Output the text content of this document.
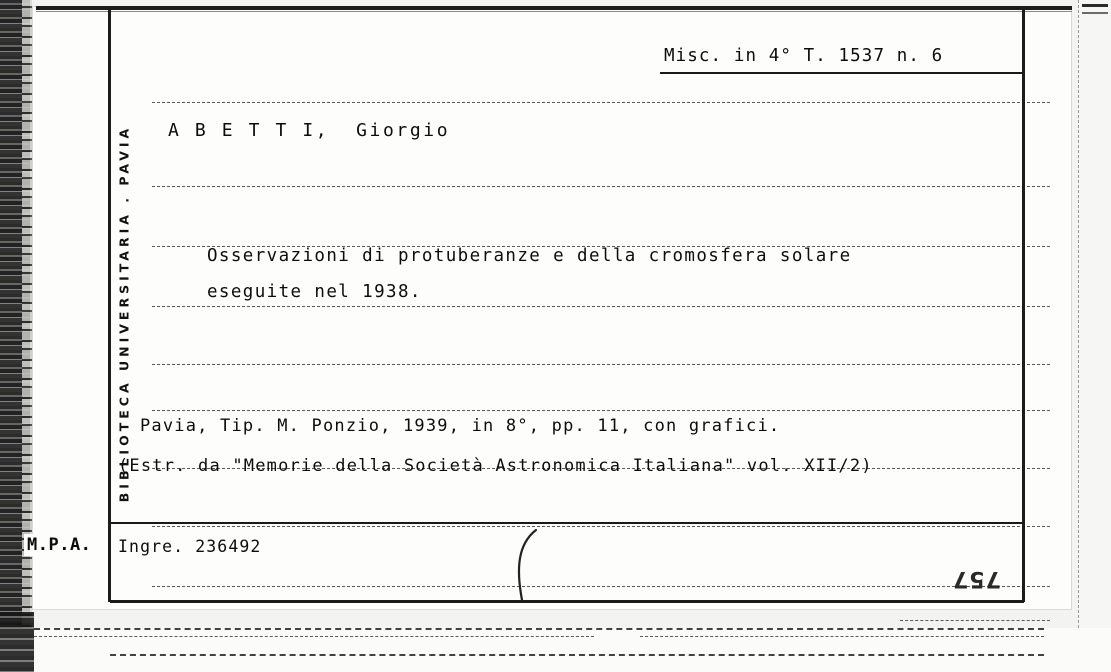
BIBLIOTECA UNIVERSITARIA . PAVIA
Misc. in 4° T. 1537 n. 6
A B E T T I,  Giorgio
Osservazioni di protuberanze e della cromosfera solare
eseguite nel 1938.
Pavia, Tip. M. Ponzio, 1939, in 8°, pp. 11, con grafici.
(Estr. da "Memorie della Società Astronomica Italiana" vol. XII/2)
M.P.A. Ingre. 236492
757
